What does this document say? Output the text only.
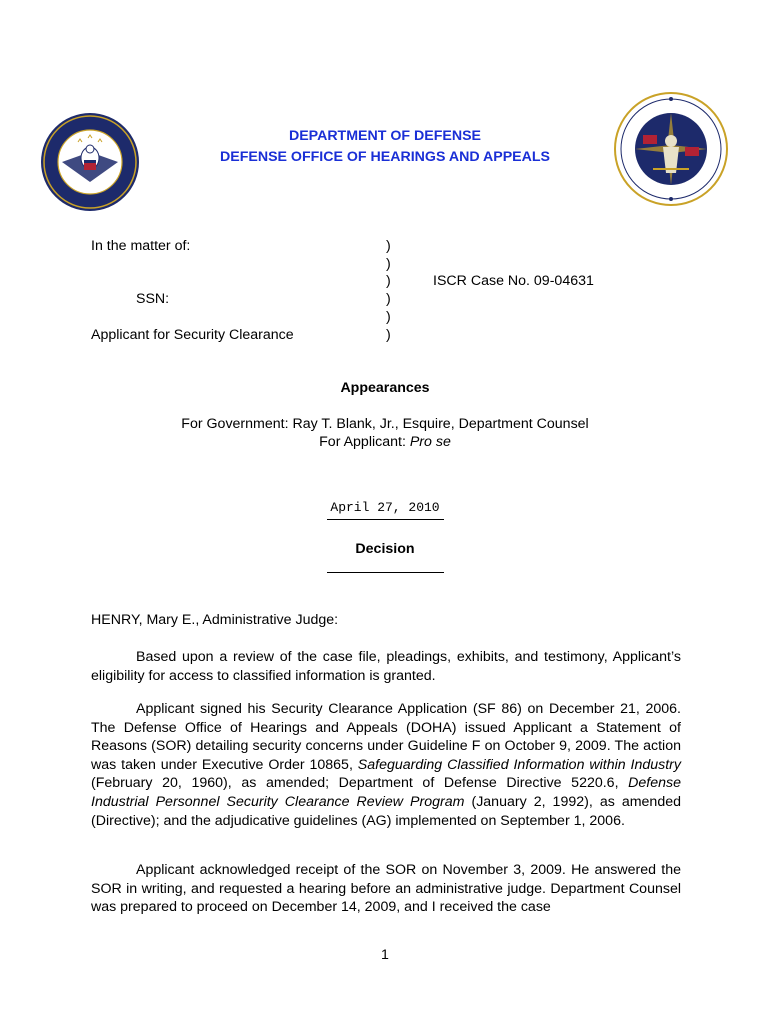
DEPARTMENT OF DEFENSE
DEFENSE OFFICE OF HEARINGS AND APPEALS
In the matter of:
SSN:
Applicant for Security Clearance
)
)
)
)
)
)
ISCR Case No. 09-04631
Appearances
For Government: Ray T. Blank, Jr., Esquire, Department Counsel
For Applicant: Pro se
April 27, 2010
Decision
HENRY, Mary E., Administrative Judge:
Based upon a review of the case file, pleadings, exhibits, and testimony, Applicant’s eligibility for access to classified information is granted.
Applicant signed his Security Clearance Application (SF 86) on December 21, 2006. The Defense Office of Hearings and Appeals (DOHA) issued Applicant a Statement of Reasons (SOR) detailing security concerns under Guideline F on October 9, 2009. The action was taken under Executive Order 10865, Safeguarding Classified Information within Industry (February 20, 1960), as amended; Department of Defense Directive 5220.6, Defense Industrial Personnel Security Clearance Review Program (January 2, 1992), as amended (Directive); and the adjudicative guidelines (AG) implemented on September 1, 2006.
Applicant acknowledged receipt of the SOR on November 3, 2009. He answered the SOR in writing, and requested a hearing before an administrative judge. Department Counsel was prepared to proceed on December 14, 2009, and I received the case
1
